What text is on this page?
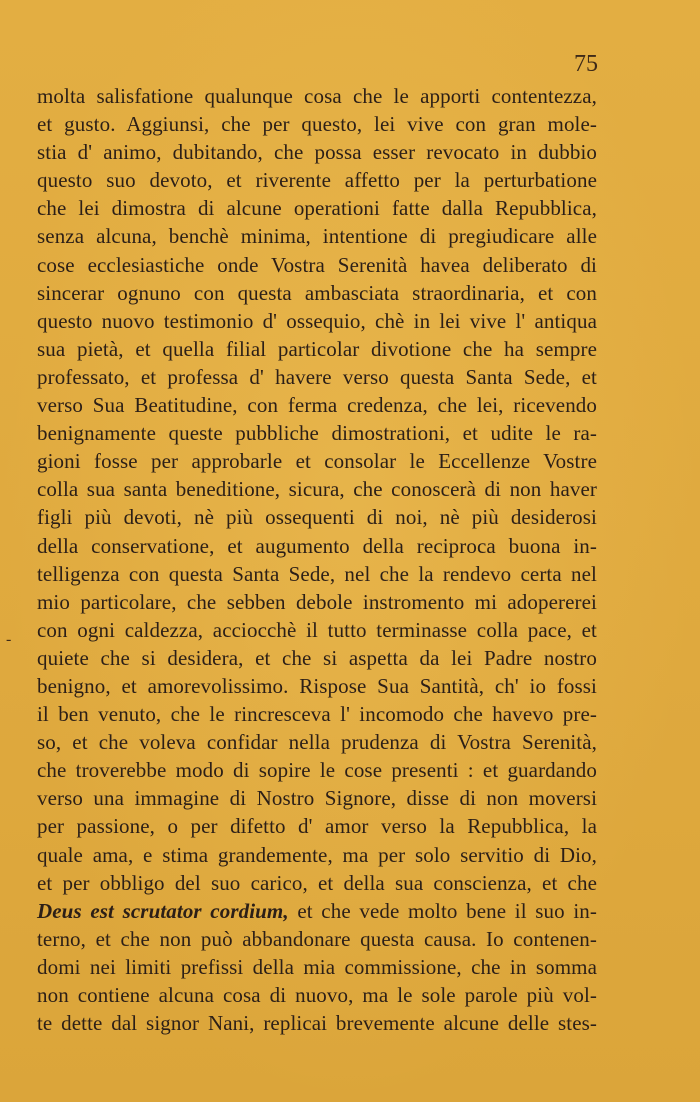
75

-
molta salisfatione qualunque cosa che le apporti contentezza,
et gusto. Aggiunsi, che per questo, lei vive con gran mole-
stia d' animo, dubitando, che possa esser revocato in dubbio
questo suo devoto, et riverente affetto per la perturbatione
che lei dimostra di alcune operationi fatte dalla Repubblica,
senza alcuna, benchè minima, intentione di pregiudicare alle
cose ecclesiastiche onde Vostra Serenità havea deliberato di
sincerar ognuno con questa ambasciata straordinaria, et con
questo nuovo testimonio d' ossequio, chè in lei vive l' antiqua
sua pietà, et quella filial particolar divotione che ha sempre
professato, et professa d' havere verso questa Santa Sede, et
verso Sua Beatitudine, con ferma credenza, che lei, ricevendo
benignamente queste pubbliche dimostrationi, et udite le ra-
gioni fosse per approbarle et consolar le Eccellenze Vostre
colla sua santa beneditione, sicura, che conoscerà di non haver
figli più devoti, nè più ossequenti di noi, nè più desiderosi
della conservatione, et augumento della reciproca buona in-
telligenza con questa Santa Sede, nel che la rendevo certa nel
mio particolare, che sebben debole instromento mi adopererei
con ogni caldezza, acciocchè il tutto terminasse colla pace, et
quiete che si desidera, et che si aspetta da lei Padre nostro
benigno, et amorevolissimo. Rispose Sua Santità, ch' io fossi
il ben venuto, che le rincresceva l' incomodo che havevo pre-
so, et che voleva confidar nella prudenza di Vostra Serenità,
che troverebbe modo di sopire le cose presenti : et guardando
verso una immagine di Nostro Signore, disse di non moversi
per passione, o per difetto d' amor verso la Repubblica, la
quale ama, e stima grandemente, ma per solo servitio di Dio,
et per obbligo del suo carico, et della sua conscienza, et che
Deus est scrutator cordium, et che vede molto bene il suo in-
terno, et che non può abbandonare questa causa. Io contenen-
domi nei limiti prefissi della mia commissione, che in somma
non contiene alcuna cosa di nuovo, ma le sole parole più vol-
te dette dal signor Nani, replicai brevemente alcune delle stes-
